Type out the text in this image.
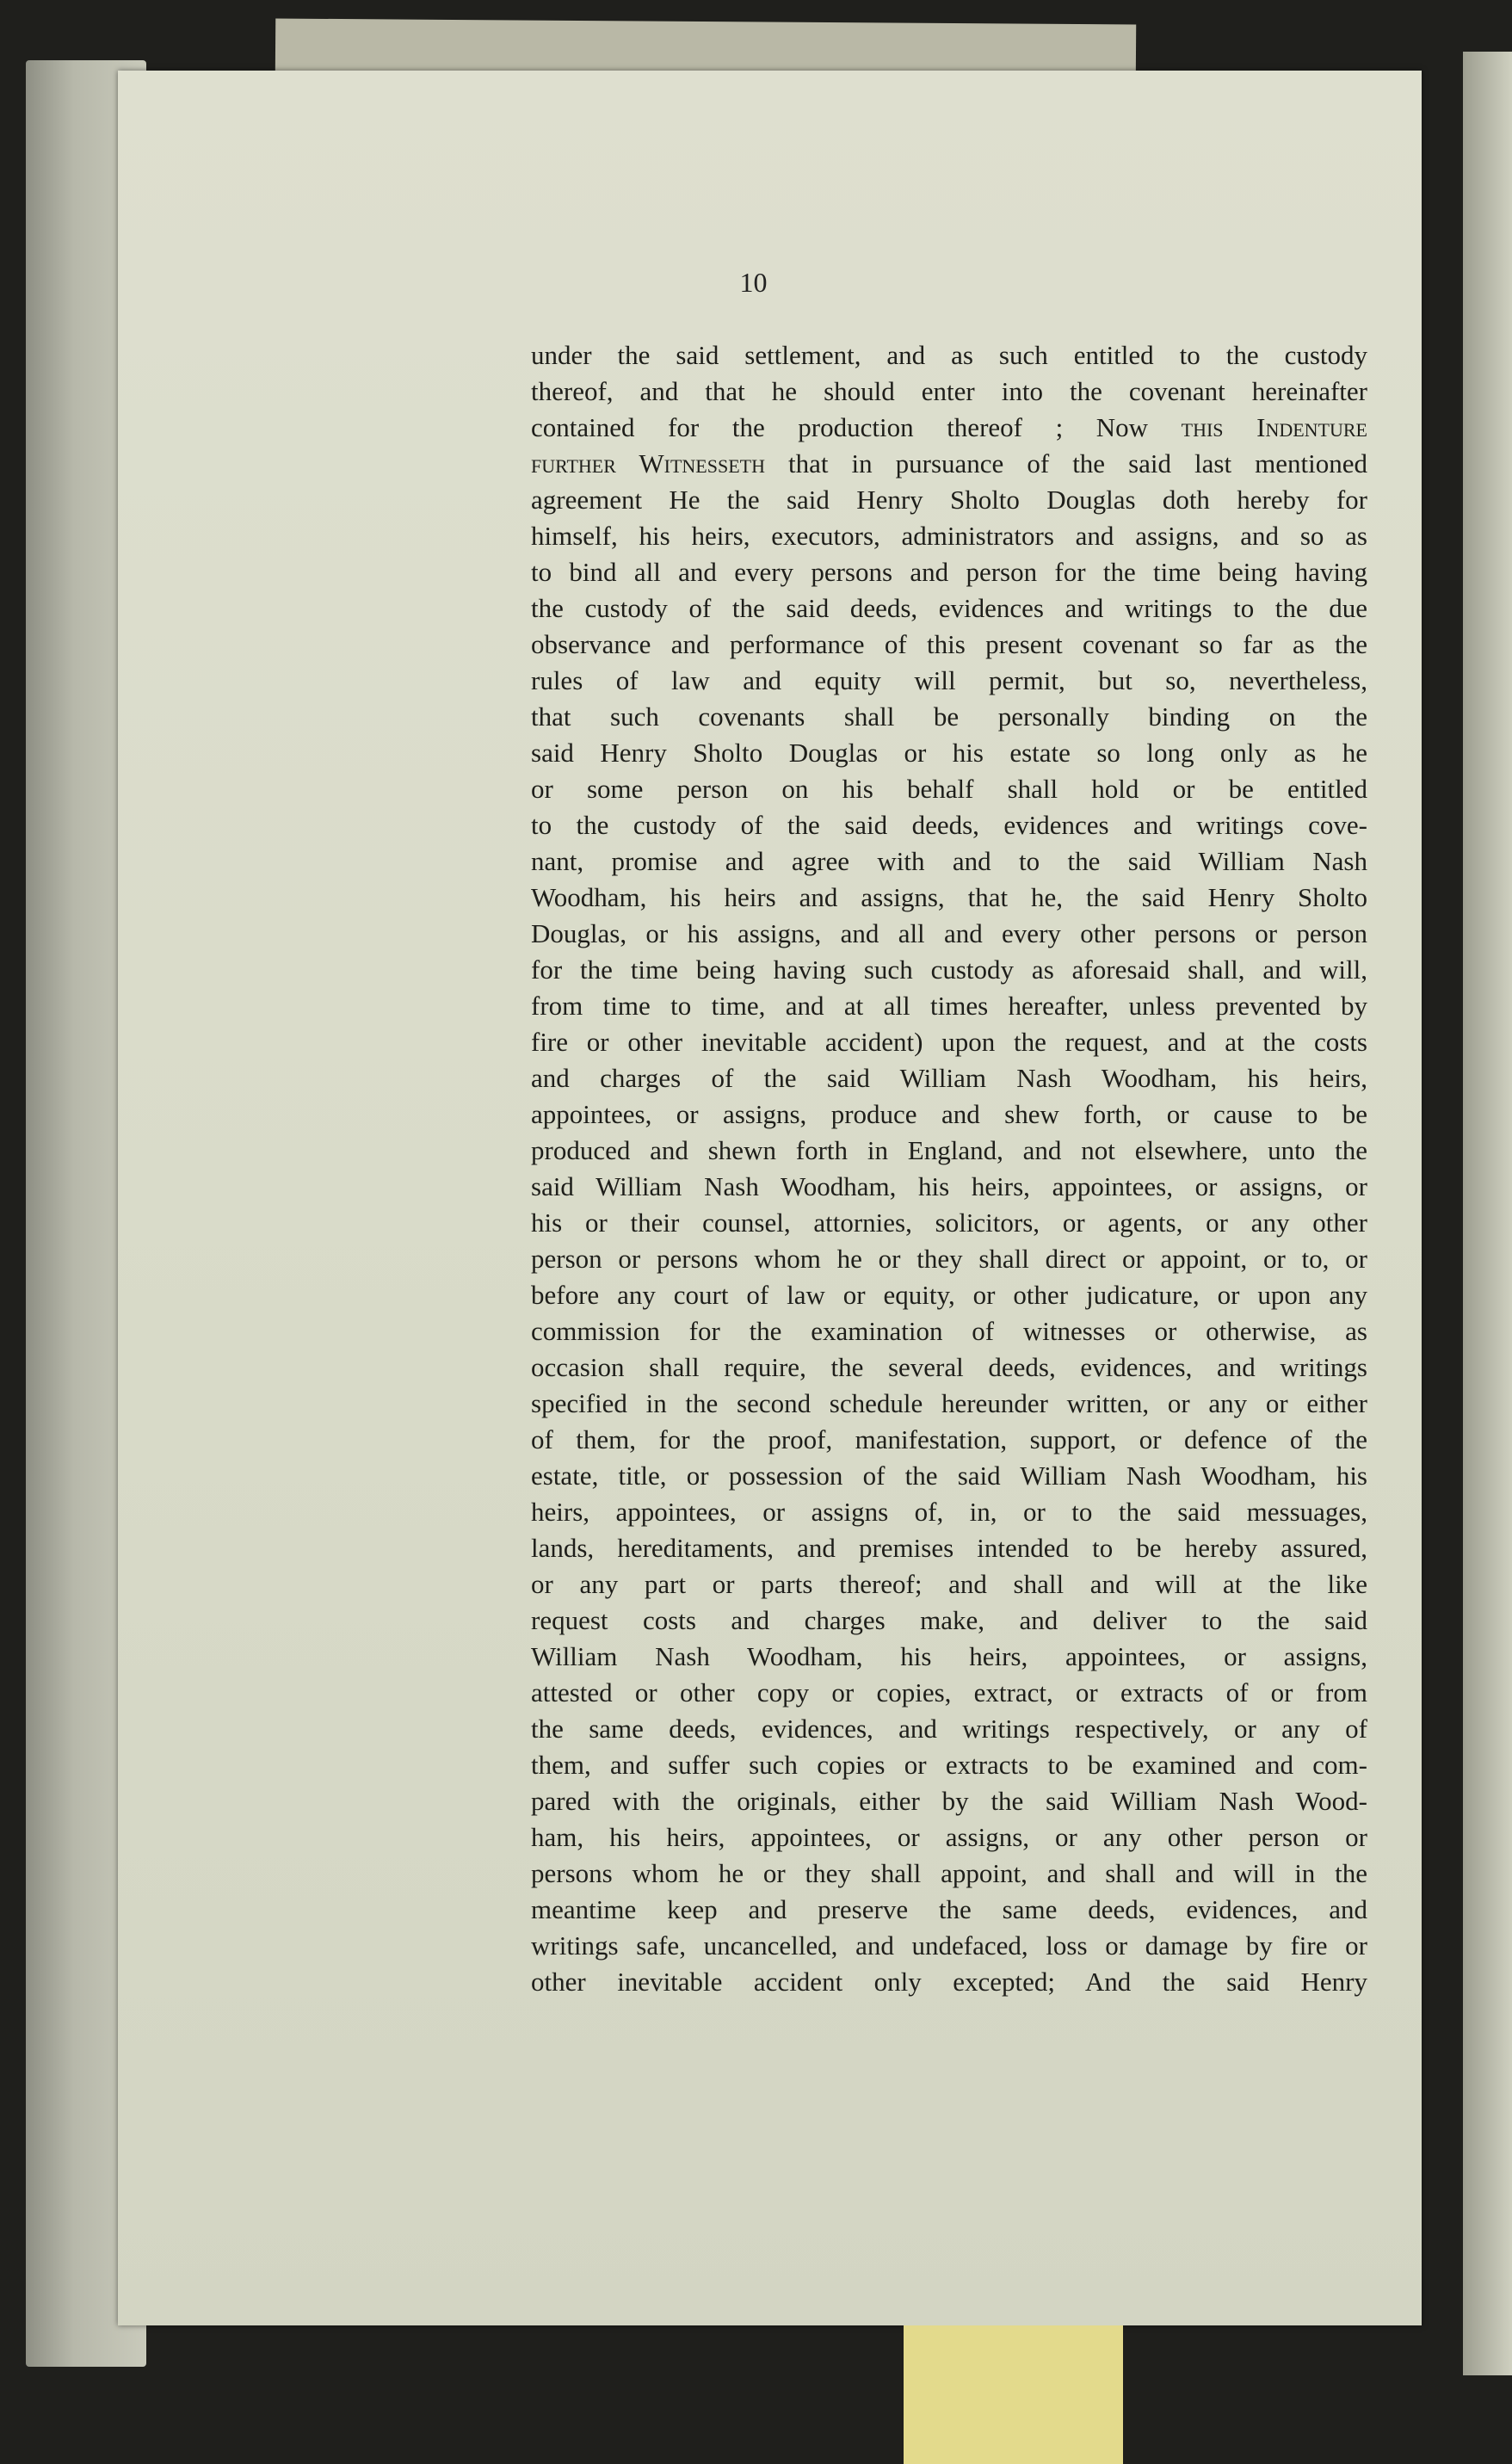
10
under the said settlement, and as such entitled to the custody
thereof, and that he should enter into the covenant hereinafter
contained for the production thereof ; Now this Indenture
further Witnesseth that in pursuance of the said last mentioned
agreement He the said Henry Sholto Douglas doth hereby for
himself, his heirs, executors, administrators and assigns, and so as
to bind all and every persons and person for the time being having
the custody of the said deeds, evidences and writings to the due
observance and performance of this present covenant so far as the
rules of law and equity will permit, but so, nevertheless,
that such covenants shall be personally binding on the
said Henry Sholto Douglas or his estate so long only as he
or some person on his behalf shall hold or be entitled
to the custody of the said deeds, evidences and writings cove-
nant, promise and agree with and to the said William Nash
Woodham, his heirs and assigns, that he, the said Henry Sholto
Douglas, or his assigns, and all and every other persons or person
for the time being having such custody as aforesaid shall, and will,
from time to time, and at all times hereafter, unless prevented by
fire or other inevitable accident) upon the request, and at the costs
and charges of the said William Nash Woodham, his heirs,
appointees, or assigns, produce and shew forth, or cause to be
produced and shewn forth in England, and not elsewhere, unto the
said William Nash Woodham, his heirs, appointees, or assigns, or
his or their counsel, attornies, solicitors, or agents, or any other
person or persons whom he or they shall direct or appoint, or to, or
before any court of law or equity, or other judicature, or upon any
commission for the examination of witnesses or otherwise, as
occasion shall require, the several deeds, evidences, and writings
specified in the second schedule hereunder written, or any or either
of them, for the proof, manifestation, support, or defence of the
estate, title, or possession of the said William Nash Woodham, his
heirs, appointees, or assigns of, in, or to the said messuages,
lands, hereditaments, and premises intended to be hereby assured,
or any part or parts thereof; and shall and will at the like
request costs and charges make, and deliver to the said
William Nash Woodham, his heirs, appointees, or assigns,
attested or other copy or copies, extract, or extracts of or from
the same deeds, evidences, and writings respectively, or any of
them, and suffer such copies or extracts to be examined and com-
pared with the originals, either by the said William Nash Wood-
ham, his heirs, appointees, or assigns, or any other person or
persons whom he or they shall appoint, and shall and will in the
meantime keep and preserve the same deeds, evidences, and
writings safe, uncancelled, and undefaced, loss or damage by fire or
other inevitable accident only excepted; And the said Henry
